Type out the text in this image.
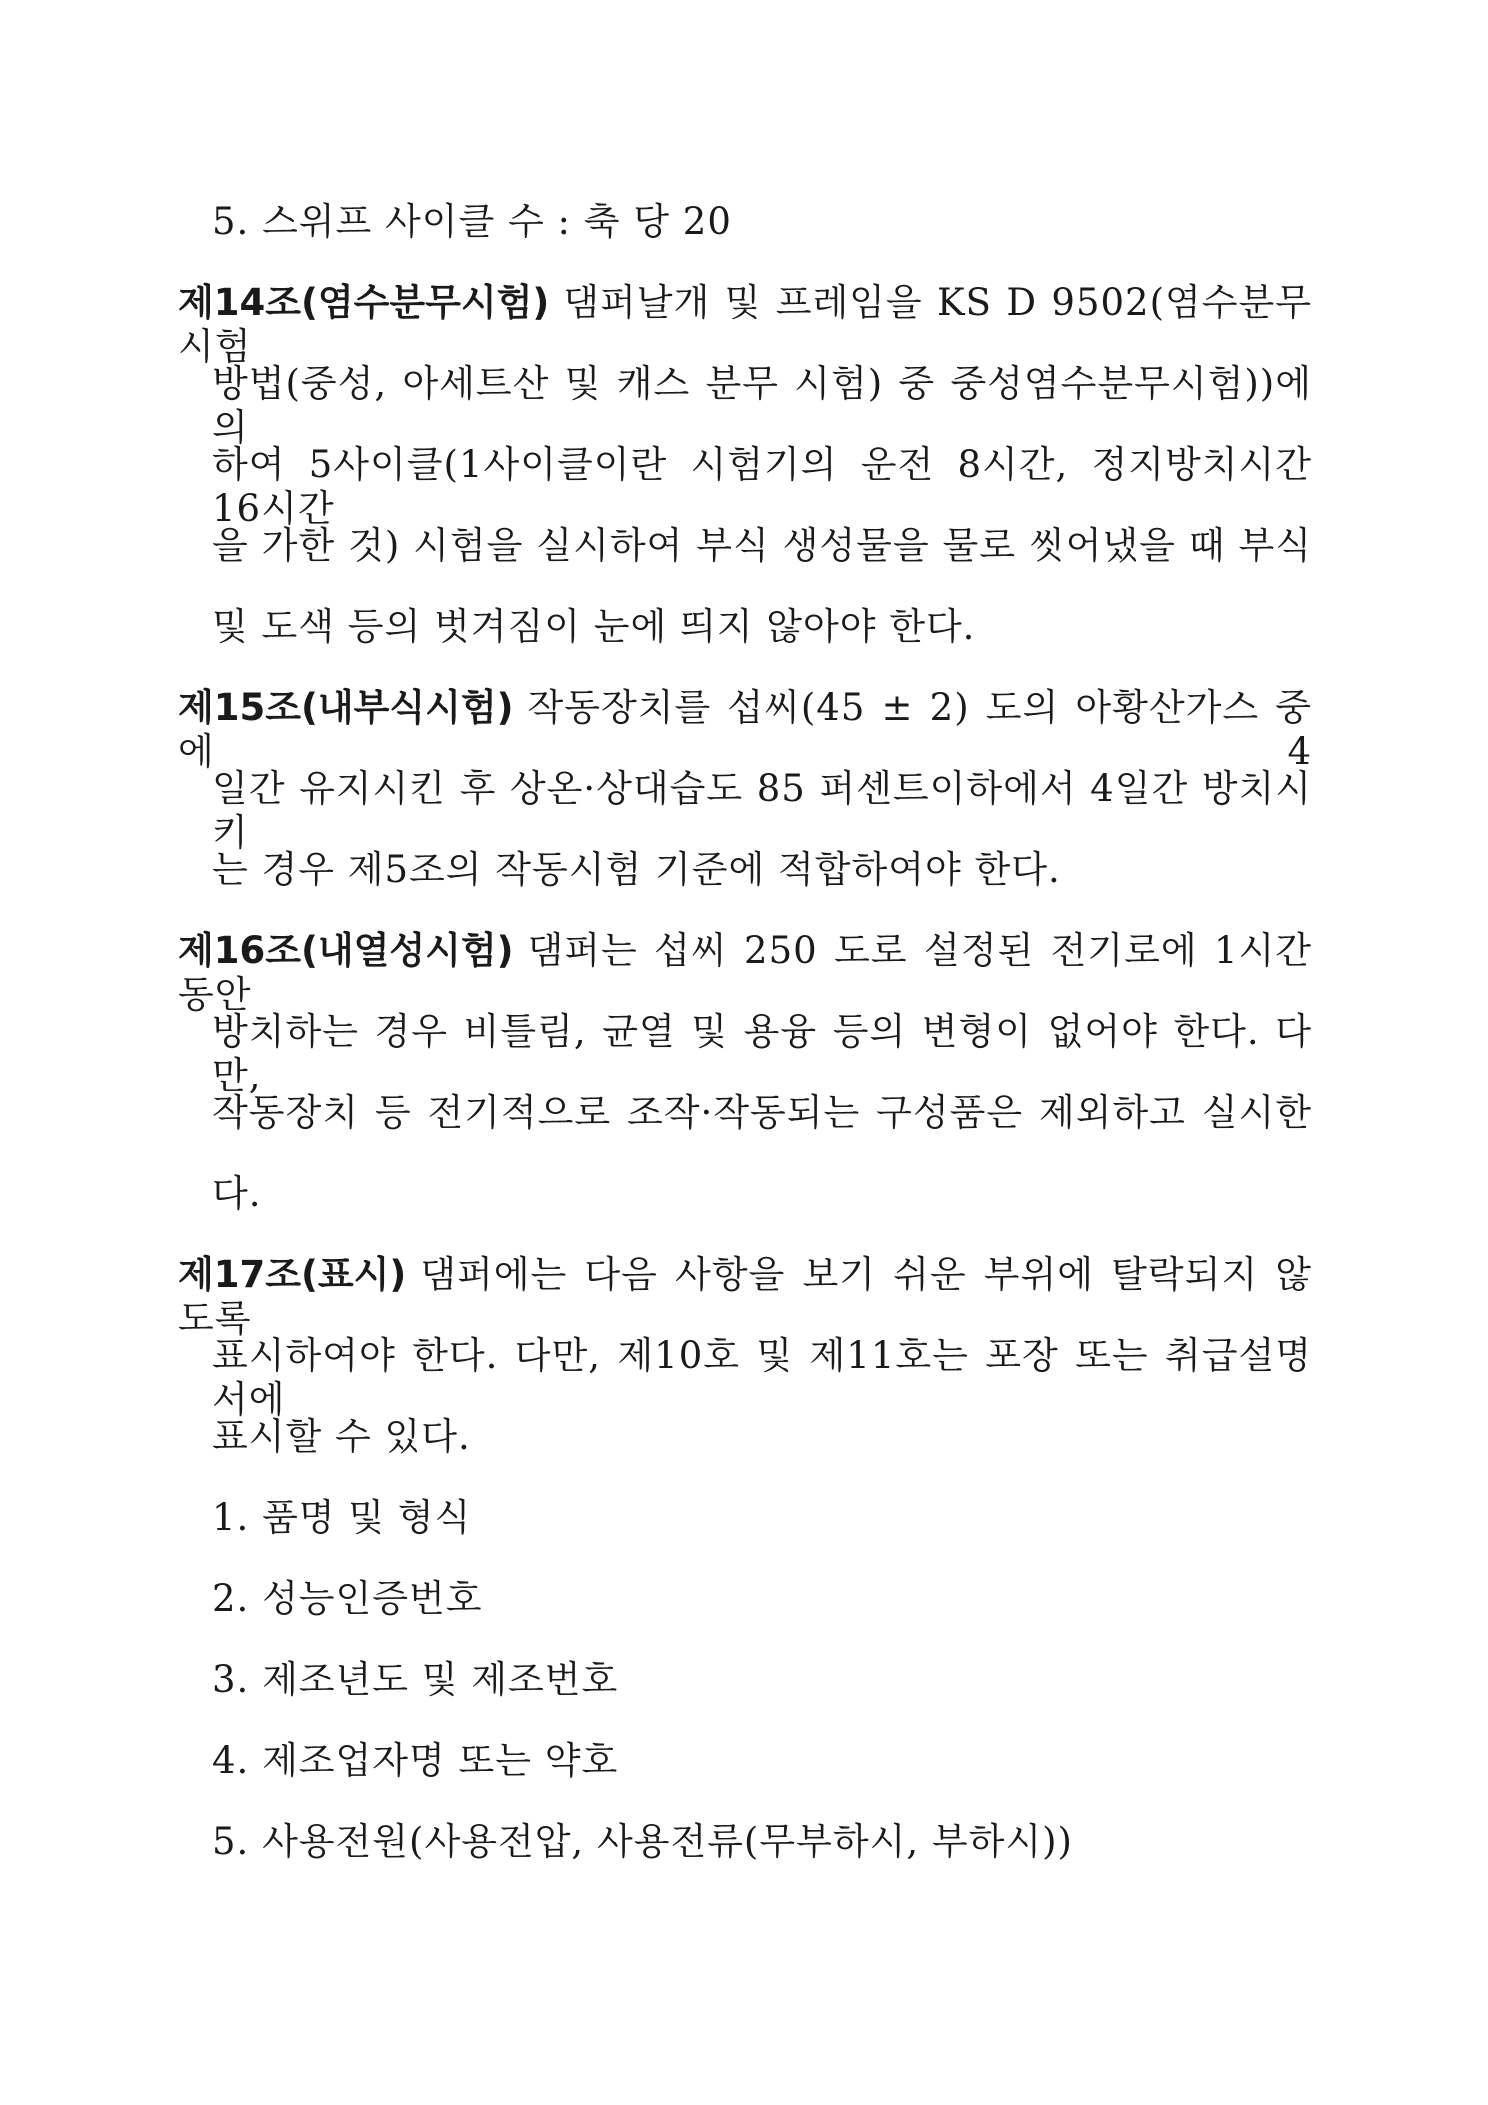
5. 스위프 사이클 수 : 축 당 20
제14조(염수분무시험) 댐퍼날개 및 프레임을 KS D 9502(염수분무시험
방법(중성, 아세트산 및 캐스 분무 시험) 중 중성염수분무시험))에 의
하여 5사이클(1사이클이란 시험기의 운전 8시간, 정지방치시간 16시간
을 가한 것) 시험을 실시하여 부식 생성물을 물로 씻어냈을 때 부식
및 도색 등의 벗겨짐이 눈에 띄지 않아야 한다.
제15조(내부식시험) 작동장치를 섭씨(45 ± 2) 도의 아황산가스 중에 4
일간 유지시킨 후 상온·상대습도 85 퍼센트이하에서 4일간 방치시키
는 경우 제5조의 작동시험 기준에 적합하여야 한다.
제16조(내열성시험) 댐퍼는 섭씨 250 도로 설정된 전기로에 1시간 동안
방치하는 경우 비틀림, 균열 및 용융 등의 변형이 없어야 한다. 다만,
작동장치 등 전기적으로 조작·작동되는 구성품은 제외하고 실시한
다.
제17조(표시) 댐퍼에는 다음 사항을 보기 쉬운 부위에 탈락되지 않도록
표시하여야 한다. 다만, 제10호 및 제11호는 포장 또는 취급설명서에
표시할 수 있다.
1. 품명 및 형식
2. 성능인증번호
3. 제조년도 및 제조번호
4. 제조업자명 또는 약호
5. 사용전원(사용전압, 사용전류(무부하시, 부하시))
